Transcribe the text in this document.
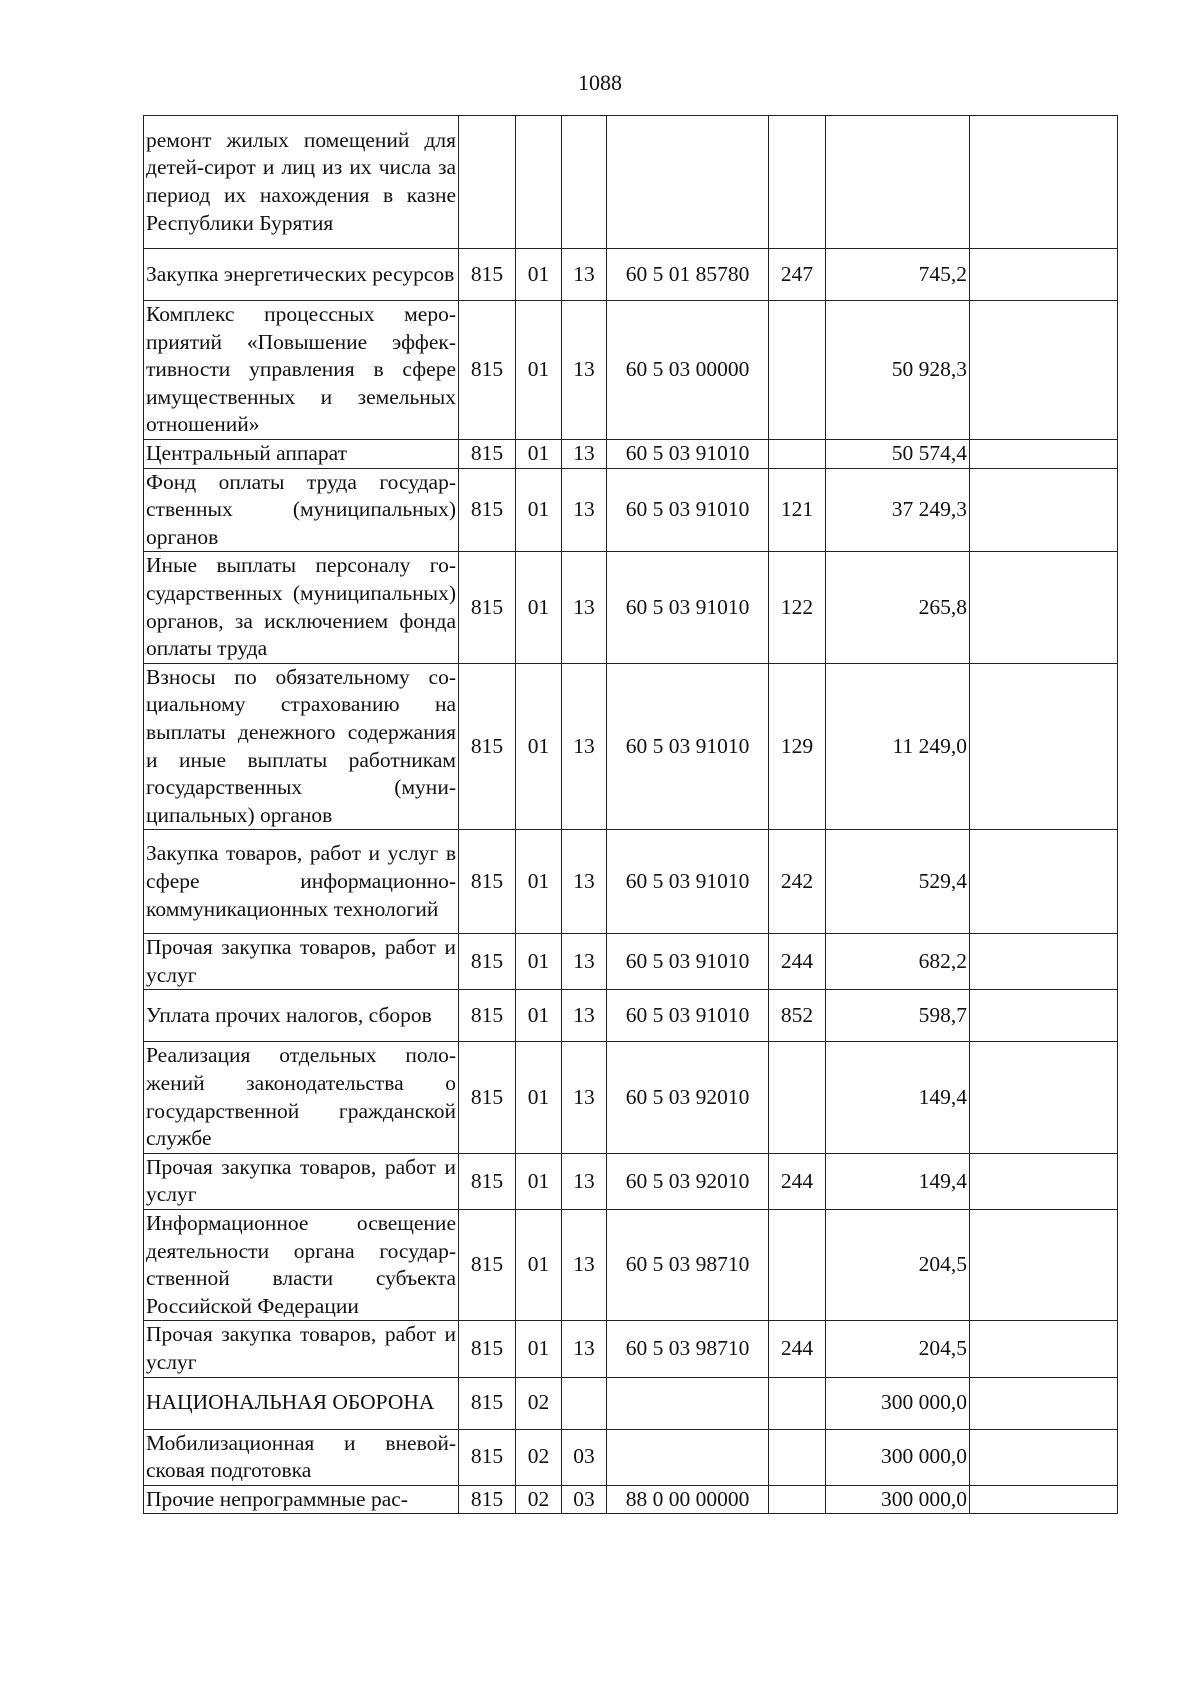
1088
ремонт жилых помещений для детей-сирот и лиц из их числа за период их нахождения в казне Республики Бурятия							
Закупка энергетических ресурсов	815	01	13	60 5 01 85780	247	745,2	
Комплекс процессных мероприятий «Повышение эффективности управления в сфере имущественных и земельных отношений»	815	01	13	60 5 03 00000		50 928,3	
Центральный аппарат	815	01	13	60 5 03 91010		50 574,4	
Фонд оплаты труда государственных (муниципальных) органов	815	01	13	60 5 03 91010	121	37 249,3	
Иные выплаты персоналу государственных (муниципальных) органов, за исключением фонда оплаты труда	815	01	13	60 5 03 91010	122	265,8	
Взносы по обязательному социальному страхованию на выплаты денежного содержания и иные выплаты работникам государственных (муниципальных) органов	815	01	13	60 5 03 91010	129	11 249,0	
Закупка товаров, работ и услуг в сфере информационно-коммуникационных технологий	815	01	13	60 5 03 91010	242	529,4	
Прочая закупка товаров, работ и услуг	815	01	13	60 5 03 91010	244	682,2	
Уплата прочих налогов, сборов	815	01	13	60 5 03 91010	852	598,7	
Реализация отдельных положений законодательства о государственной гражданской службе	815	01	13	60 5 03 92010		149,4	
Прочая закупка товаров, работ и услуг	815	01	13	60 5 03 92010	244	149,4	
Информационное освещение деятельности органа государственной власти субъекта Российской Федерации	815	01	13	60 5 03 98710		204,5	
Прочая закупка товаров, работ и услуг	815	01	13	60 5 03 98710	244	204,5	
НАЦИОНАЛЬНАЯ ОБОРОНА	815	02				300 000,0	
Мобилизационная и вневойсковая подготовка	815	02	03			300 000,0	
Прочие непрограммные рас-	815	02	03	88 0 00 00000		300 000,0	
